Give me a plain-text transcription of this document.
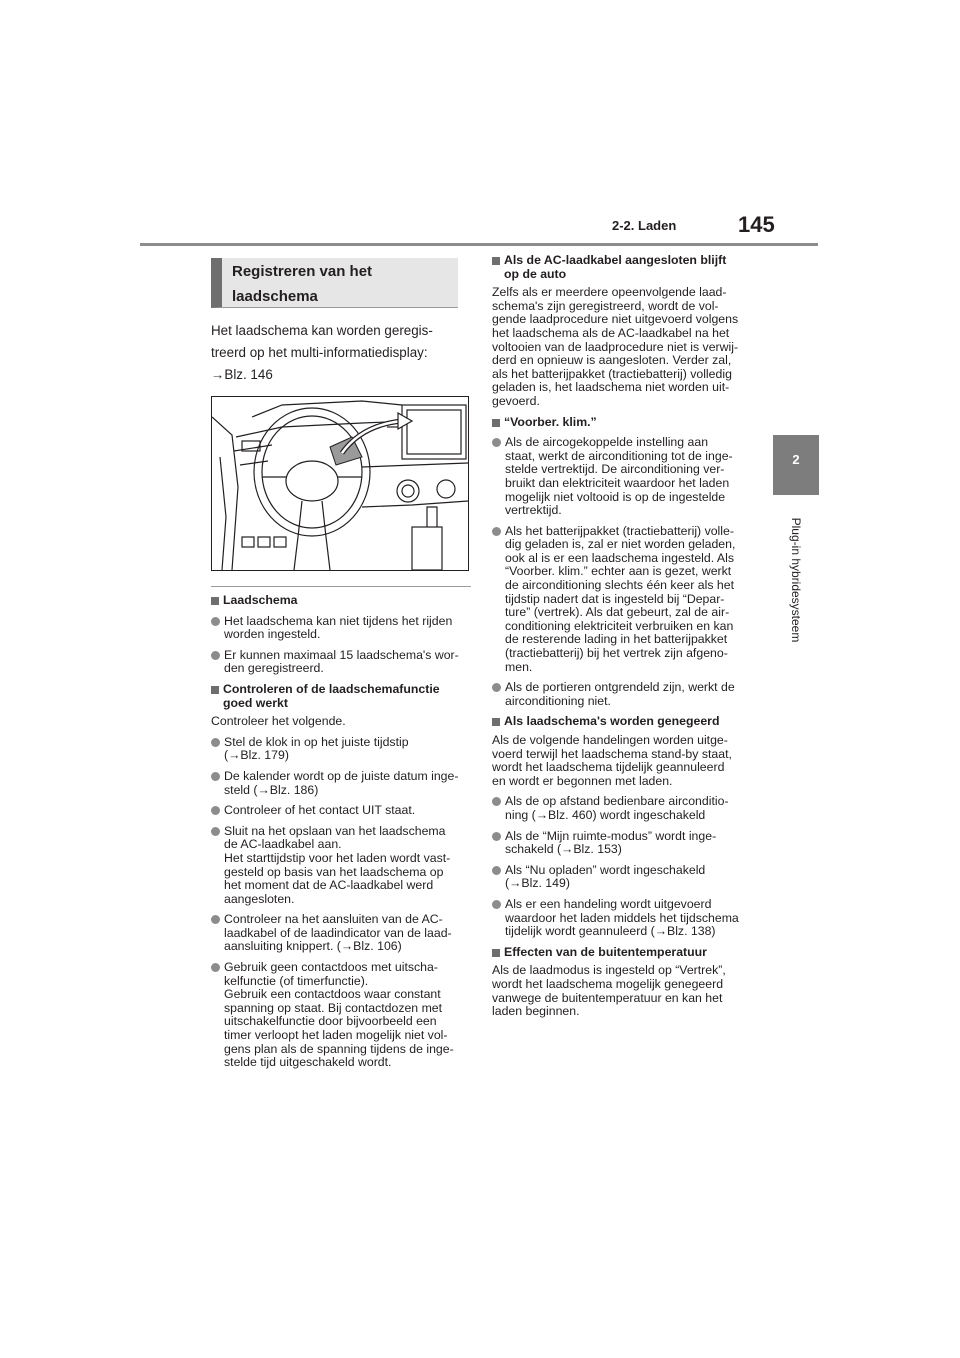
2-2. Laden	145
2
Plug-in hybridesysteem
Registreren van het
laadschema
Het laadschema kan worden geregis-
treerd op het multi-informatiedisplay:
→Blz. 146
Laadschema
Het laadschema kan niet tijdens het rijden
worden ingesteld.
Er kunnen maximaal 15 laadschema's wor-
den geregistreerd.
Controleren of de laadschemafunctie
goed werkt
Controleer het volgende.
Stel de klok in op het juiste tijdstip
(→Blz. 179)
De kalender wordt op de juiste datum inge-
steld (→Blz. 186)
Controleer of het contact UIT staat.
Sluit na het opslaan van het laadschema
de AC-laadkabel aan.
Het starttijdstip voor het laden wordt vast-
gesteld op basis van het laadschema op
het moment dat de AC-laadkabel werd
aangesloten.
Controleer na het aansluiten van de AC-
laadkabel of de laadindicator van de laad-
aansluiting knippert. (→Blz. 106)
Gebruik geen contactdoos met uitscha-
kelfunctie (of timerfunctie).
Gebruik een contactdoos waar constant
spanning op staat. Bij contactdozen met
uitschakelfunctie door bijvoorbeeld een
timer verloopt het laden mogelijk niet vol-
gens plan als de spanning tijdens de inge-
stelde tijd uitgeschakeld wordt.
Als de AC-laadkabel aangesloten blijft
op de auto
Zelfs als er meerdere opeenvolgende laad-
schema's zijn geregistreerd, wordt de vol-
gende laadprocedure niet uitgevoerd volgens
het laadschema als de AC-laadkabel na het
voltooien van de laadprocedure niet is verwij-
derd en opnieuw is aangesloten. Verder zal,
als het batterijpakket (tractiebatterij) volledig
geladen is, het laadschema niet worden uit-
gevoerd.
“Voorber. klim.”
Als de aircogekoppelde instelling aan
staat, werkt de airconditioning tot de inge-
stelde vertrektijd. De airconditioning ver-
bruikt dan elektriciteit waardoor het laden
mogelijk niet voltooid is op de ingestelde
vertrektijd.
Als het batterijpakket (tractiebatterij) volle-
dig geladen is, zal er niet worden geladen,
ook al is er een laadschema ingesteld. Als
“Voorber. klim.” echter aan is gezet, werkt
de airconditioning slechts één keer als het
tijdstip nadert dat is ingesteld bij “Depar-
ture” (vertrek). Als dat gebeurt, zal de air-
conditioning elektriciteit verbruiken en kan
de resterende lading in het batterijpakket
(tractiebatterij) bij het vertrek zijn afgeno-
men.
Als de portieren ontgrendeld zijn, werkt de
airconditioning niet.
Als laadschema's worden genegeerd
Als de volgende handelingen worden uitge-
voerd terwijl het laadschema stand-by staat,
wordt het laadschema tijdelijk geannuleerd
en wordt er begonnen met laden.
Als de op afstand bedienbare airconditio-
ning (→Blz. 460) wordt ingeschakeld
Als de “Mijn ruimte-modus” wordt inge-
schakeld (→Blz. 153)
Als “Nu opladen” wordt ingeschakeld
(→Blz. 149)
Als er een handeling wordt uitgevoerd
waardoor het laden middels het tijdschema
tijdelijk wordt geannuleerd (→Blz. 138)
Effecten van de buitentemperatuur
Als de laadmodus is ingesteld op “Vertrek”,
wordt het laadschema mogelijk genegeerd
vanwege de buitentemperatuur en kan het
laden beginnen.
